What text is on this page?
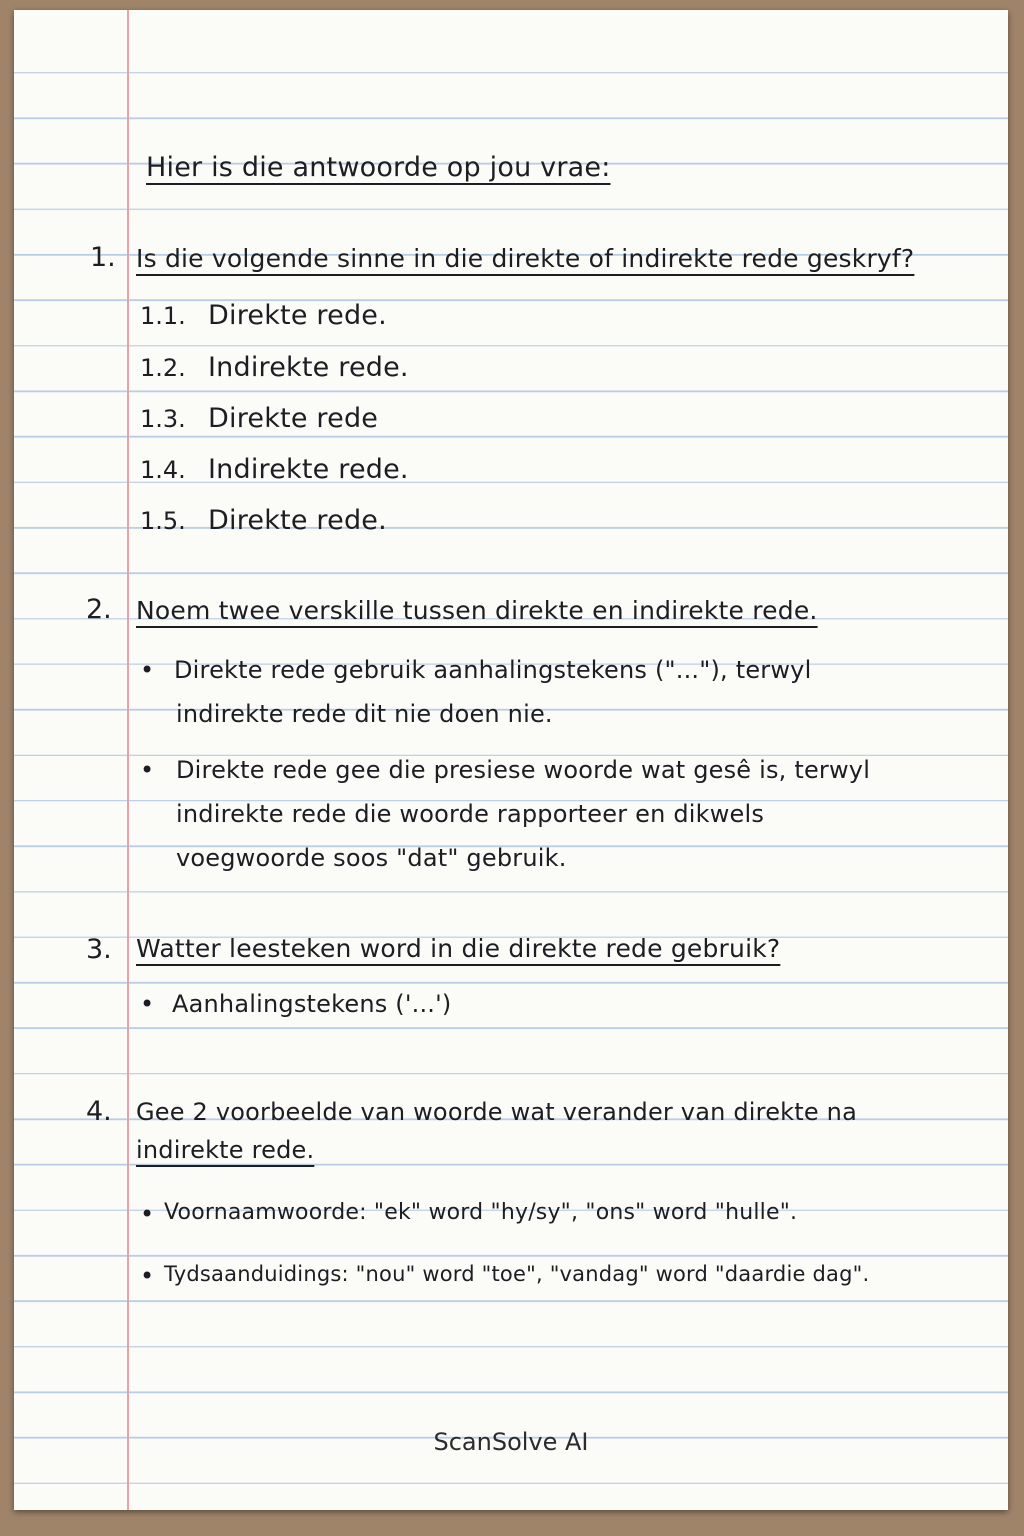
Hier is die antwoorde op jou vrae:
1. Is die volgende sinne in die direkte of indirekte rede geskryf?
1.1. Direkte rede.
1.2. Indirekte rede.
1.3. Direkte rede
1.4. Indirekte rede.
1.5. Direkte rede.
2. Noem twee verskille tussen direkte en indirekte rede.
• Direkte rede gebruik aanhalingstekens ("..."), terwyl
indirekte rede dit nie doen nie.
• Direkte rede gee die presiese woorde wat gesê is, terwyl
indirekte rede die woorde rapporteer en dikwels
voegwoorde soos "dat" gebruik.
3. Watter leesteken word in die direkte rede gebruik?
• Aanhalingstekens ('...')
4. Gee 2 voorbeelde van woorde wat verander van direkte na
indirekte rede.
• Voornaamwoorde: "ek" word "hy/sy", "ons" word "hulle".
• Tydsaanduidings: "nou" word "toe", "vandag" word "daardie dag".
ScanSolve AI
